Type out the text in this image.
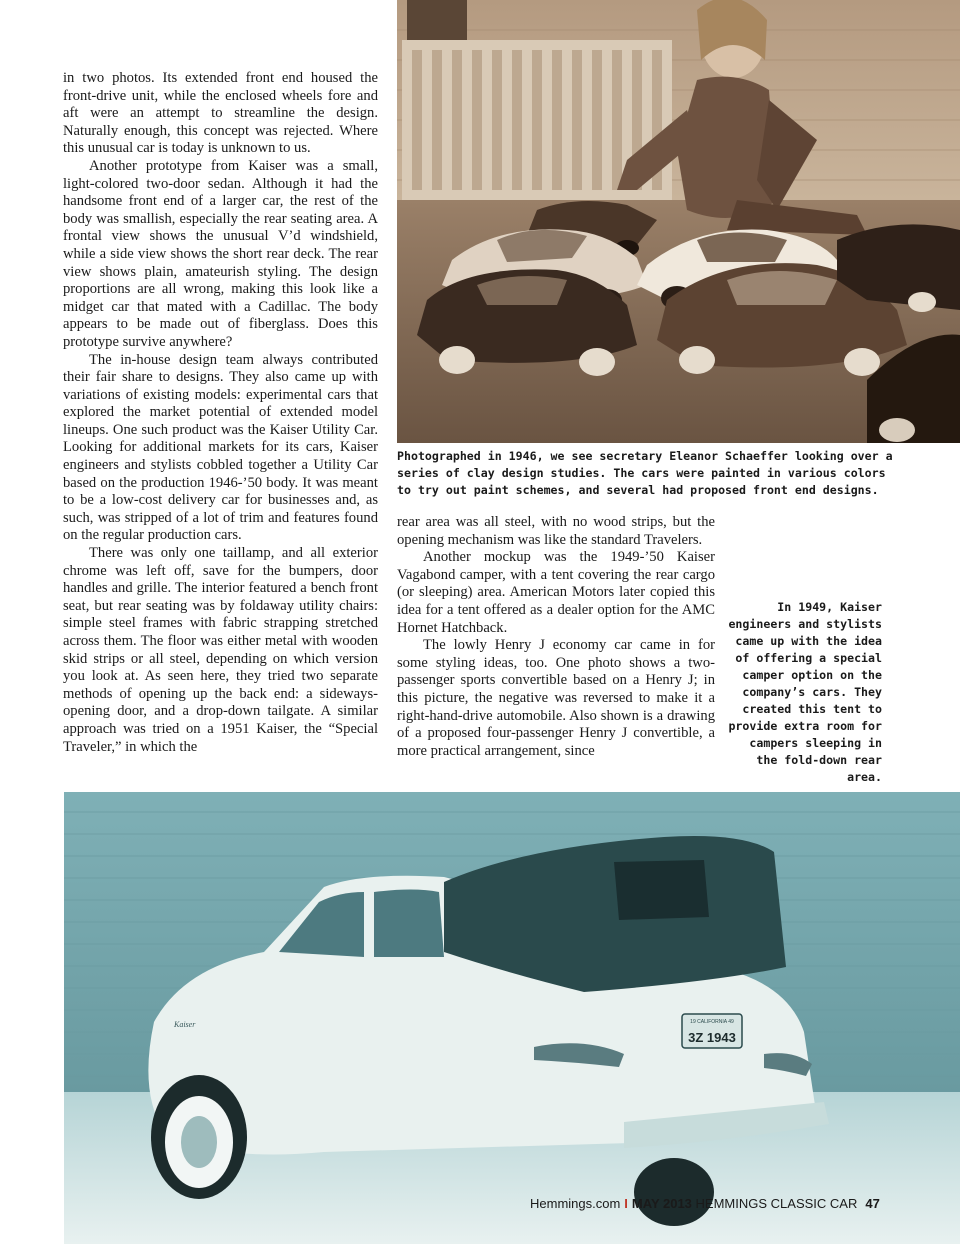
in two photos. Its extended front end housed the front-drive unit, while the enclosed wheels fore and aft were an attempt to streamline the design. Naturally enough, this concept was rejected. Where this unusual car is today is unknown to us.

Another prototype from Kaiser was a small, light-colored two-door sedan. Although it had the handsome front end of a larger car, the rest of the body was smallish, especially the rear seating area. A frontal view shows the unusual V’d windshield, while a side view shows the short rear deck. The rear view shows plain, amateurish styling. The design proportions are all wrong, making this look like a midget car that mated with a Cadillac. The body appears to be made out of fiberglass. Does this prototype survive anywhere?

The in-house design team always contributed their fair share to designs. They also came up with variations of existing models: experimental cars that explored the market potential of extended model lineups. One such product was the Kaiser Utility Car. Looking for additional markets for its cars, Kaiser engineers and stylists cobbled together a Utility Car based on the production 1946-’50 body. It was meant to be a low-cost delivery car for businesses and, as such, was stripped of a lot of trim and features found on the regular production cars.

There was only one taillamp, and all exterior chrome was left off, save for the bumpers, door handles and grille. The interior featured a bench front seat, but rear seating was by foldaway utility chairs: simple steel frames with fabric strapping stretched across them. The floor was either metal with wooden skid strips or all steel, depending on which version you look at. As seen here, they tried two separate methods of opening up the back end: a sideways-opening door, and a drop-down tailgate. A similar approach was tried on a 1951 Kaiser, the “Special Traveler,” in which the

Photographed in 1946, we see secretary Eleanor Schaeffer looking over a series of clay design studies. The cars were painted in various colors to try out paint schemes, and several had proposed front end designs.

rear area was all steel, with no wood strips, but the opening mechanism was like the standard Travelers.

Another mockup was the 1949-’50 Kaiser Vagabond camper, with a tent covering the rear cargo (or sleeping) area. American Motors later copied this idea for a tent offered as a dealer option for the AMC Hornet Hatchback.

The lowly Henry J economy car came in for some styling ideas, too. One photo shows a two-passenger sports convertible based on a Henry J; in this picture, the negative was reversed to make it a right-hand-drive automobile. Also shown is a drawing of a proposed four-passenger Henry J convertible, a more practical arrangement, since

In 1949, Kaiser engineers and stylists came up with the idea of offering a special camper option on the company’s cars. They created this tent to provide extra room for campers sleeping in the fold-down rear area.
19 CALIFORNIA 49
3Z 1943
Kaiser
Hemmings.com I MAY 2013 HEMMINGS CLASSIC CAR 47
